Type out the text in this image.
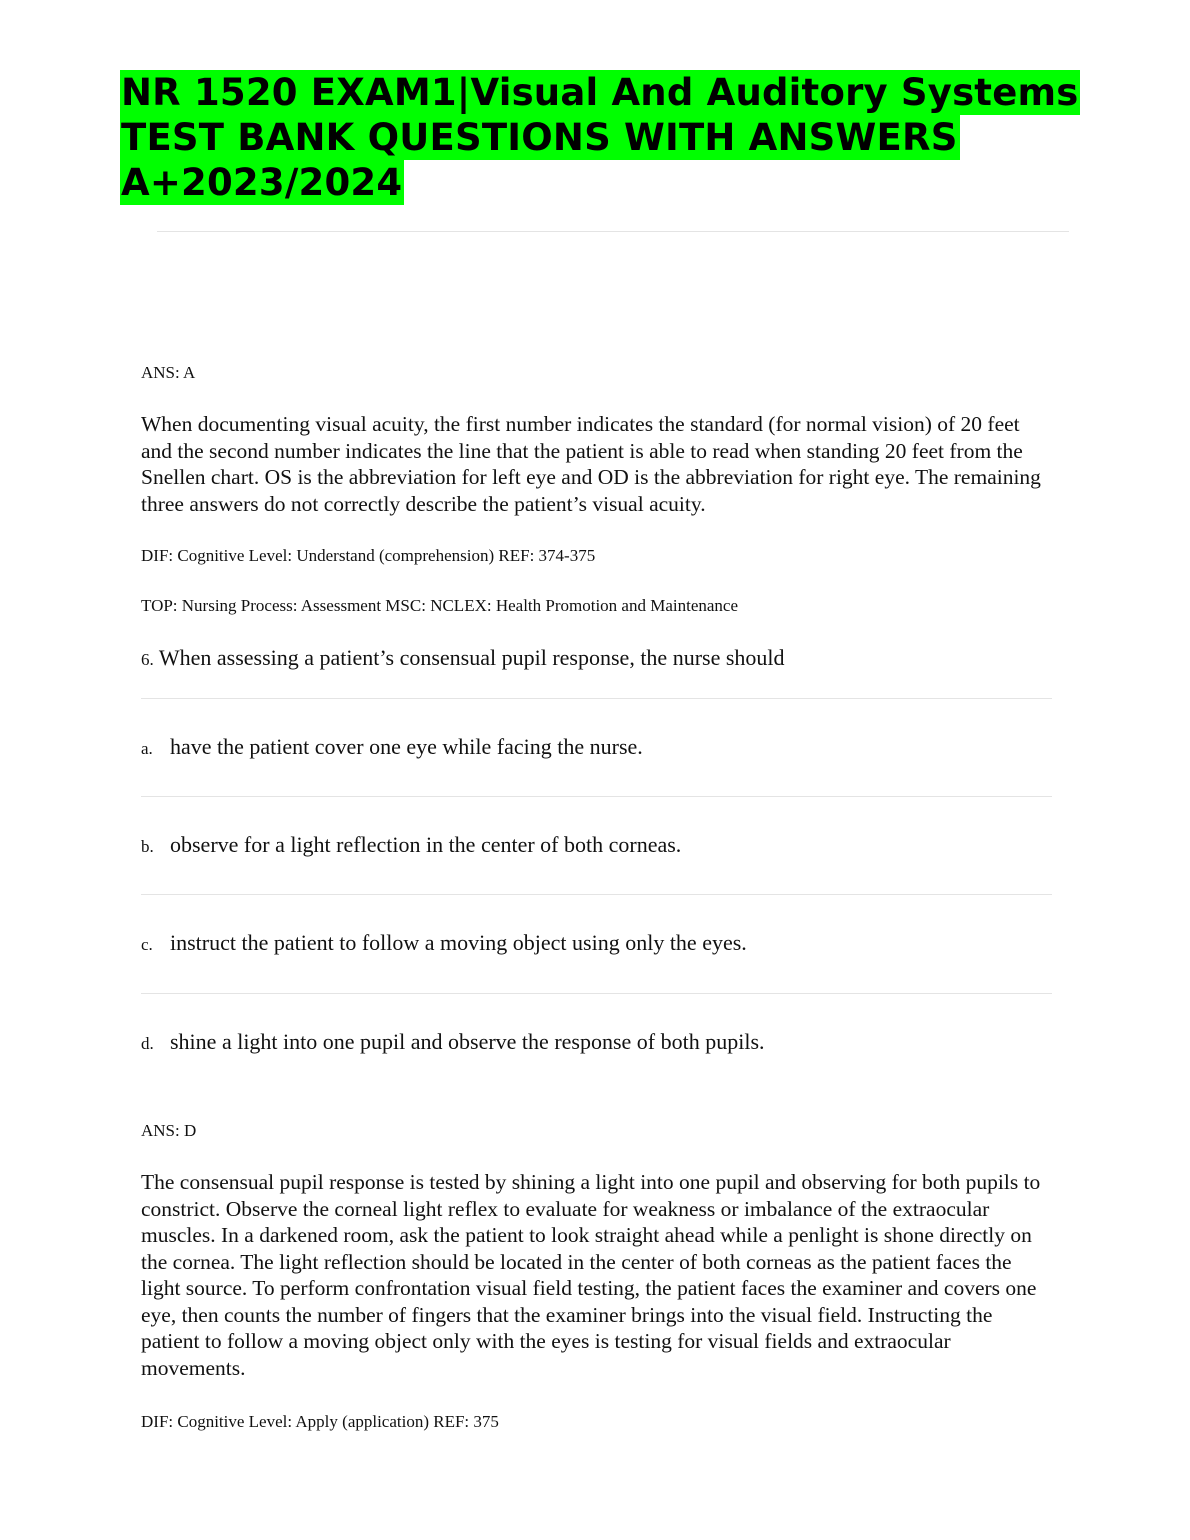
NR 1520 EXAM1|Visual And Auditory Systems
TEST BANK QUESTIONS WITH ANSWERS
A+2023/2024
ANS: A
When documenting visual acuity, the first number indicates the standard (for normal vision) of 20 feet and the second number indicates the line that the patient is able to read when standing 20 feet from the Snellen chart. OS is the abbreviation for left eye and OD is the abbreviation for right eye. The remaining three answers do not correctly describe the patient’s visual acuity.
DIF: Cognitive Level: Understand (comprehension) REF: 374-375
TOP: Nursing Process: Assessment MSC: NCLEX: Health Promotion and Maintenance
6. When assessing a patient’s consensual pupil response, the nurse should
a. have the patient cover one eye while facing the nurse.
b. observe for a light reflection in the center of both corneas.
c. instruct the patient to follow a moving object using only the eyes.
d. shine a light into one pupil and observe the response of both pupils.
ANS: D
The consensual pupil response is tested by shining a light into one pupil and observing for both pupils to constrict. Observe the corneal light reflex to evaluate for weakness or imbalance of the extraocular muscles. In a darkened room, ask the patient to look straight ahead while a penlight is shone directly on the cornea. The light reflection should be located in the center of both corneas as the patient faces the light source. To perform confrontation visual field testing, the patient faces the examiner and covers one eye, then counts the number of fingers that the examiner brings into the visual field. Instructing the patient to follow a moving object only with the eyes is testing for visual fields and extraocular movements.
DIF: Cognitive Level: Apply (application) REF: 375
